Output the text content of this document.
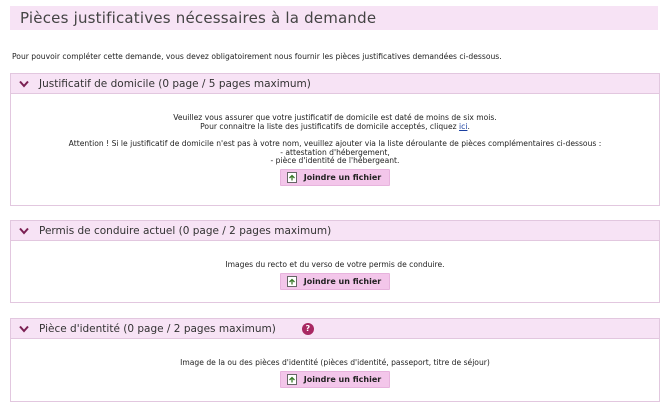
Pièces justificatives nécessaires à la demande
Pour pouvoir compléter cette demande, vous devez obligatoirement nous fournir les pièces justificatives demandées ci-dessous.
Justificatif de domicile (0 page / 5 pages maximum)

Veuillez vous assurer que votre justificatif de domicile est daté de moins de six mois.

Pour connaitre la liste des justificatifs de domicile acceptés, cliquez ici.

Attention ! Si le justificatif de domicile n'est pas à votre nom, veuillez ajouter via la liste déroulante de pièces complémentaires ci-dessous :

- attestation d'hébergement,

- pièce d'identité de l'hébergeant.

Joindre un fichier
Permis de conduire actuel (0 page / 2 pages maximum)

Images du recto et du verso de votre permis de conduire.

Joindre un fichier
Pièce d'identité (0 page / 2 pages maximum)	?

Image de la ou des pièces d'identité (pièces d'identité, passeport, titre de séjour)

Joindre un fichier
